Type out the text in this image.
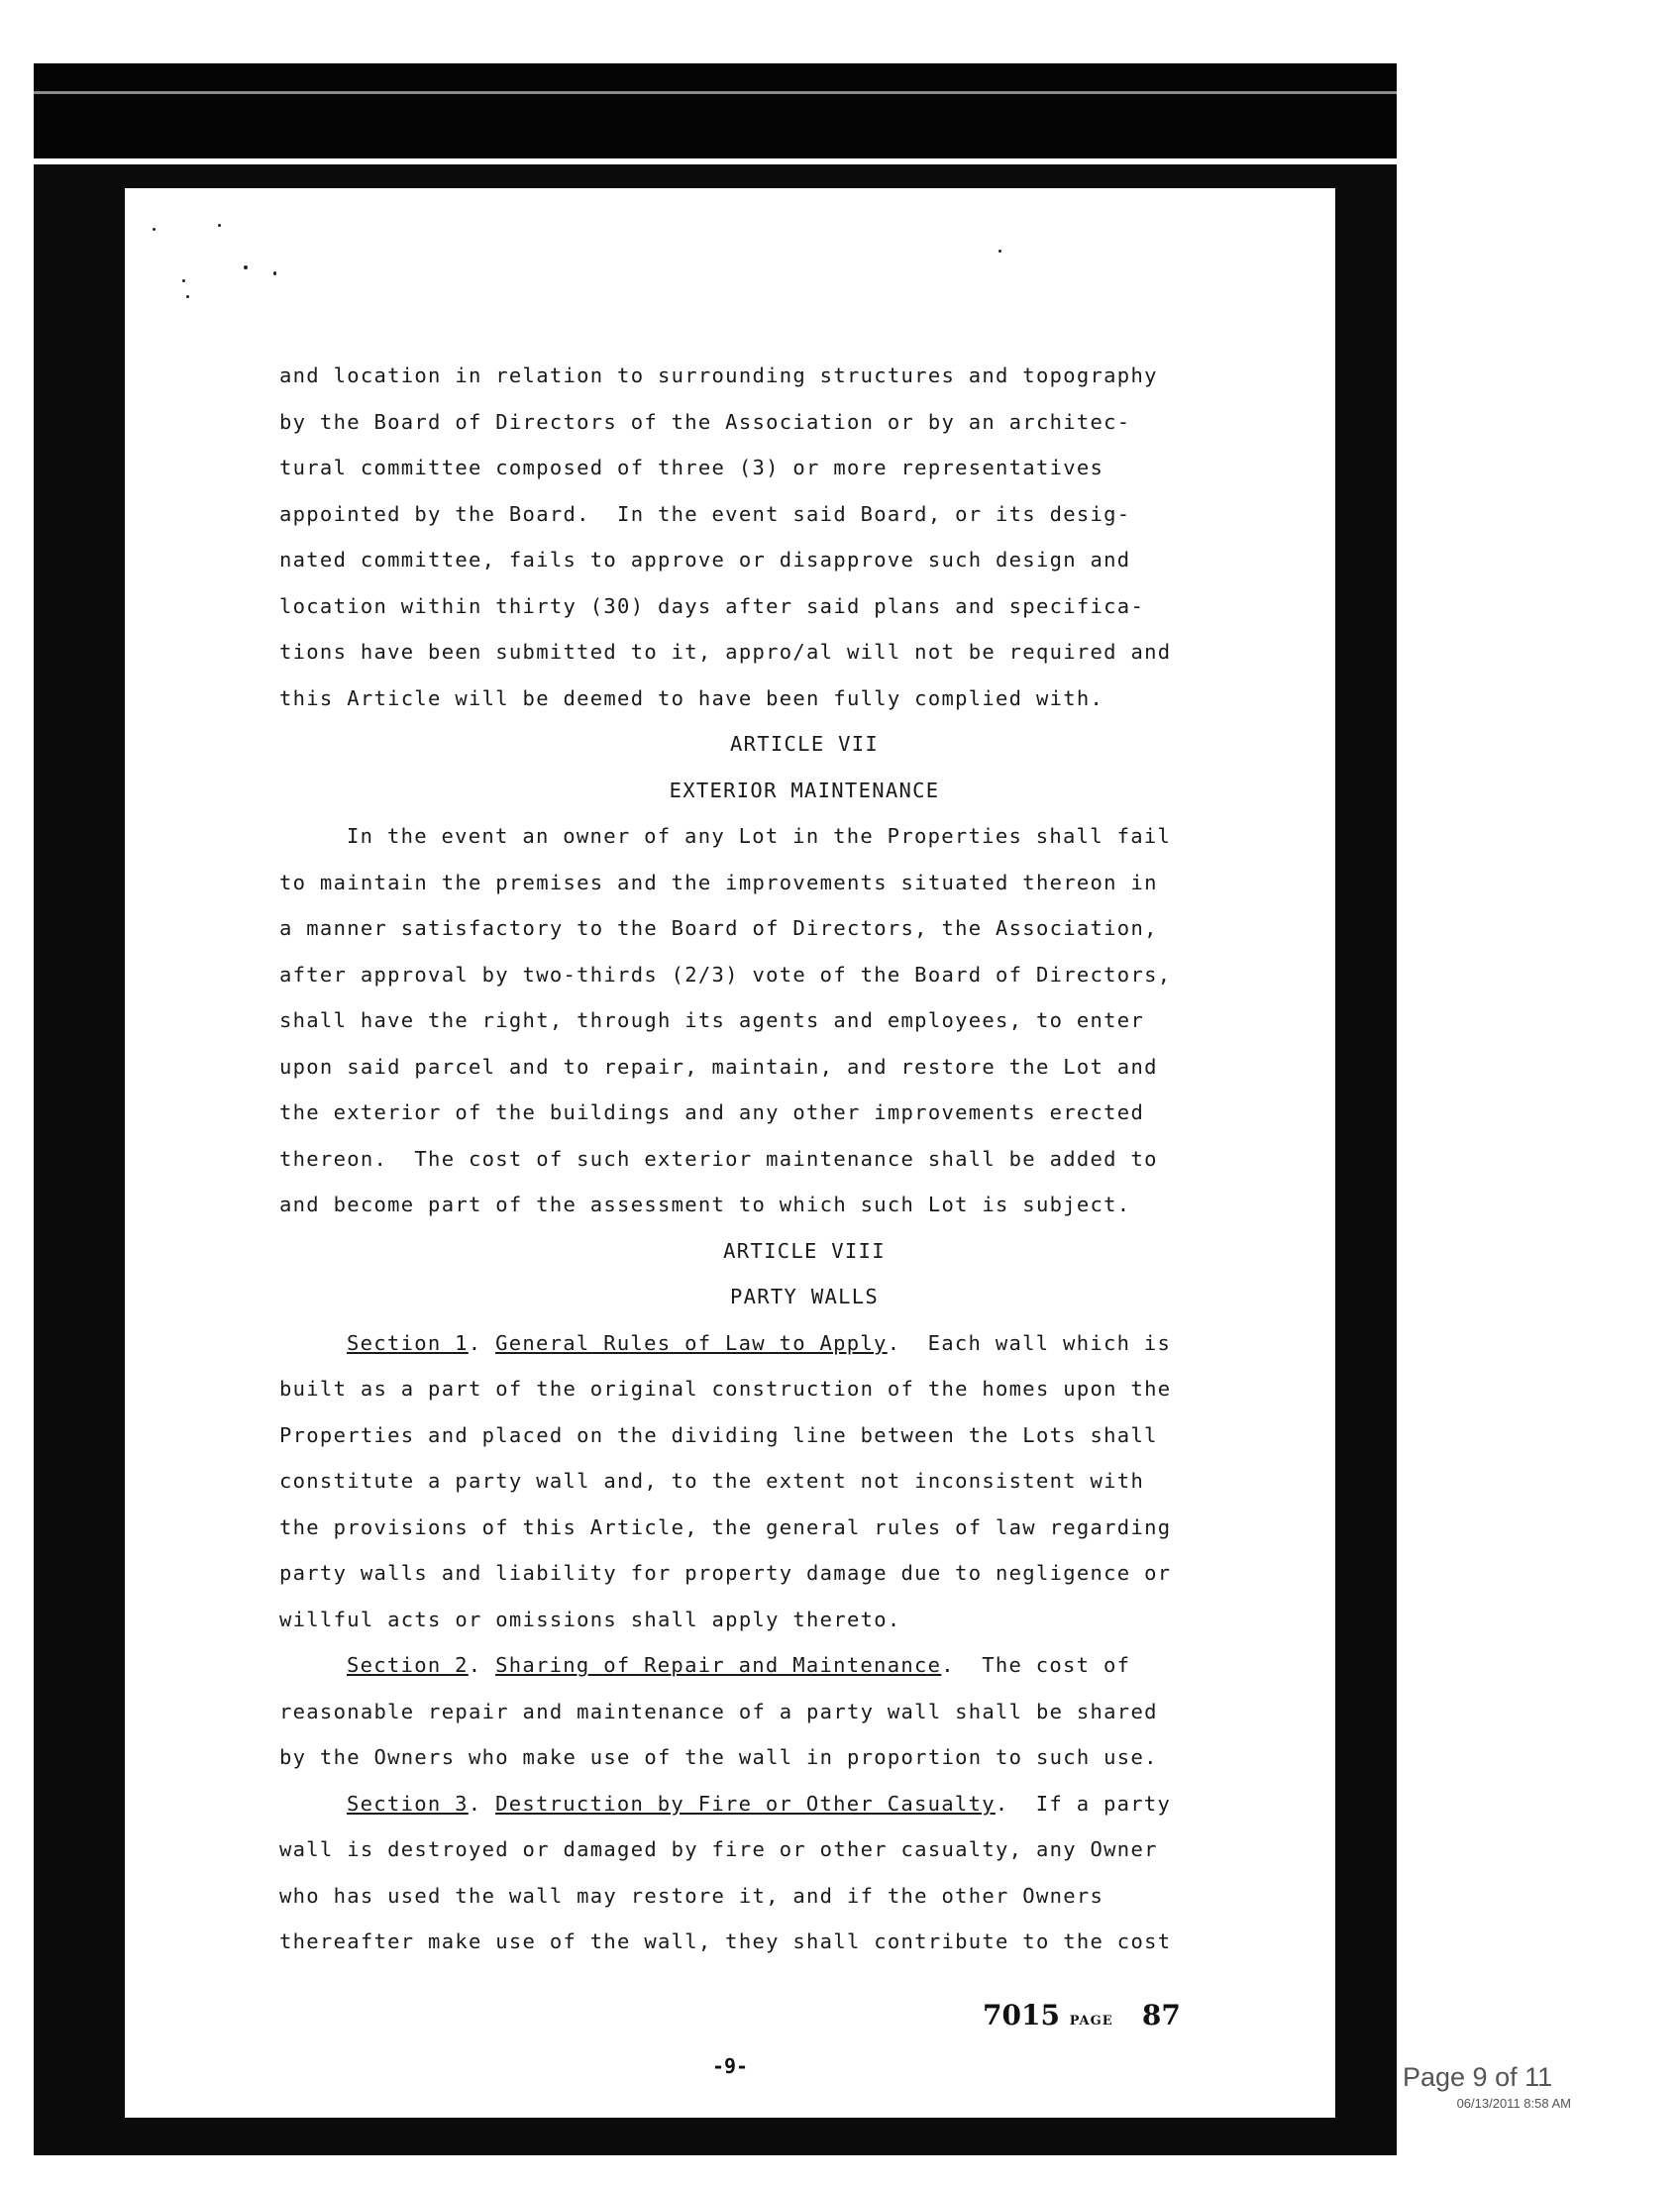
and location in relation to surrounding structures and topography
by the Board of Directors of the Association or by an architec-
tural committee composed of three (3) or more representatives
appointed by the Board.  In the event said Board, or its desig-
nated committee, fails to approve or disapprove such design and
location within thirty (30) days after said plans and specifica-
tions have been submitted to it, appro/al will not be required and
this Article will be deemed to have been fully complied with.
ARTICLE VII
EXTERIOR MAINTENANCE
In the event an owner of any Lot in the Properties shall fail
to maintain the premises and the improvements situated thereon in
a manner satisfactory to the Board of Directors, the Association,
after approval by two-thirds (2/3) vote of the Board of Directors,
shall have the right, through its agents and employees, to enter
upon said parcel and to repair, maintain, and restore the Lot and
the exterior of the buildings and any other improvements erected
thereon.  The cost of such exterior maintenance shall be added to
and become part of the assessment to which such Lot is subject.
ARTICLE VIII
PARTY WALLS
Section 1. General Rules of Law to Apply.  Each wall which is
built as a part of the original construction of the homes upon the
Properties and placed on the dividing line between the Lots shall
constitute a party wall and, to the extent not inconsistent with
the provisions of this Article, the general rules of law regarding
party walls and liability for property damage due to negligence or
willful acts or omissions shall apply thereto.
Section 2. Sharing of Repair and Maintenance.  The cost of
reasonable repair and maintenance of a party wall shall be shared
by the Owners who make use of the wall in proportion to such use.
Section 3. Destruction by Fire or Other Casualty.  If a party
wall is destroyed or damaged by fire or other casualty, any Owner
who has used the wall may restore it, and if the other Owners
thereafter make use of the wall, they shall contribute to the cost
7015 PAGE 87
-9-	Page 9 of 11
06/13/2011 8:58 AM
